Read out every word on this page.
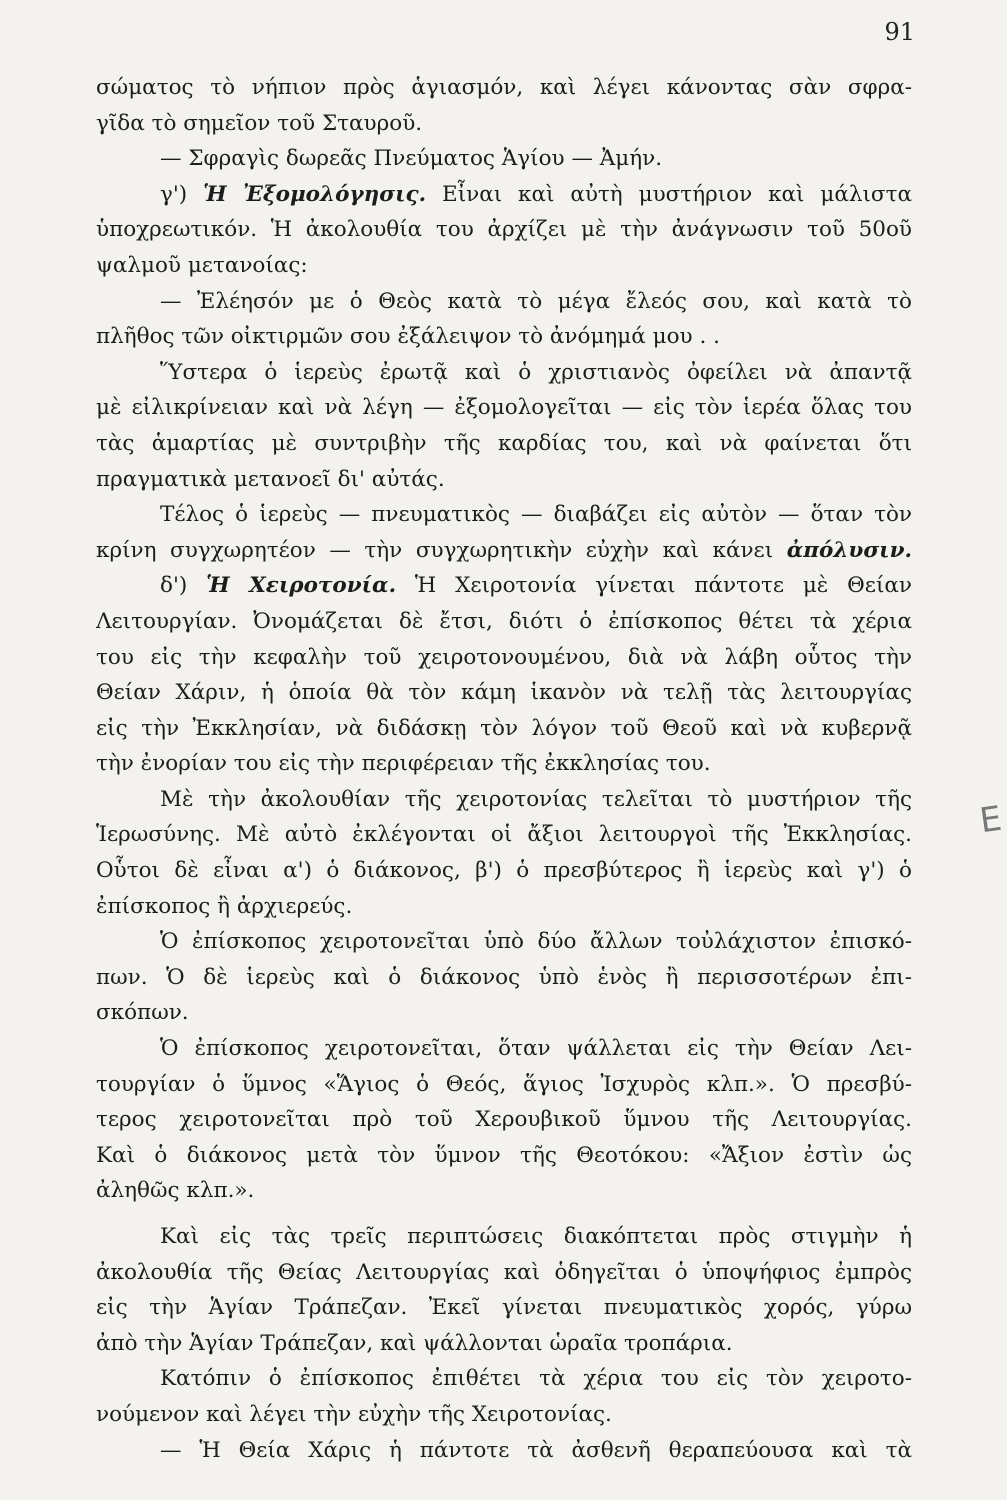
91
σώματος τὸ νήπιον πρὸς ἁγιασμόν, καὶ λέγει κάνοντας σὰν σφρα-
γῖδα τὸ σημεῖον τοῦ Σταυροῦ.
— Σφραγὶς δωρεᾶς Πνεύματος Ἁγίου — Ἀμήν.
γ') Ἡ Ἐξομολόγησις. Εἶναι καὶ αὐτὴ μυστήριον καὶ μάλιστα
ὑποχρεωτικόν. Ἡ ἀκολουθία του ἀρχίζει μὲ τὴν ἀνάγνωσιν τοῦ 50οῦ
ψαλμοῦ μετανοίας:
— Ἐλέησόν με ὁ Θεὸς κατὰ τὸ μέγα ἔλεός σου, καὶ κατὰ τὸ
πλῆθος τῶν οἰκτιρμῶν σου ἐξάλειψον τὸ ἀνόμημά μου . .
Ὕστερα ὁ ἱερεὺς ἐρωτᾷ καὶ ὁ χριστιανὸς ὀφείλει νὰ ἀπαντᾷ
μὲ εἰλικρίνειαν καὶ νὰ λέγη — ἐξομολογεῖται — εἰς τὸν ἱερέα ὅλας του
τὰς ἁμαρτίας μὲ συντριβὴν τῆς καρδίας του, καὶ νὰ φαίνεται ὅτι
πραγματικὰ μετανοεῖ δι' αὐτάς.
Τέλος ὁ ἱερεὺς — πνευματικὸς — διαβάζει εἰς αὐτὸν — ὅταν τὸν
κρίνη συγχωρητέον — τὴν συγχωρητικὴν εὐχὴν καὶ κάνει ἀπόλυσιν.
δ') Ἡ Χειροτονία. Ἡ Χειροτονία γίνεται πάντοτε μὲ Θείαν
Λειτουργίαν. Ὀνομάζεται δὲ ἔτσι, διότι ὁ ἐπίσκοπος θέτει τὰ χέρια
του εἰς τὴν κεφαλὴν τοῦ χειροτονουμένου, διὰ νὰ λάβη οὗτος τὴν
Θείαν Χάριν, ἡ ὁποία θὰ τὸν κάμη ἱκανὸν νὰ τελῇ τὰς λειτουργίας
εἰς τὴν Ἐκκλησίαν, νὰ διδάσκῃ τὸν λόγον τοῦ Θεοῦ καὶ νὰ κυβερνᾷ
τὴν ἐνορίαν του εἰς τὴν περιφέρειαν τῆς ἐκκλησίας του.
Μὲ τὴν ἀκολουθίαν τῆς χειροτονίας τελεῖται τὸ μυστήριον τῆς
Ἱερωσύνης. Μὲ αὐτὸ ἐκλέγονται οἱ ἄξιοι λειτουργοὶ τῆς Ἐκκλησίας.
Οὗτοι δὲ εἶναι α') ὁ διάκονος, β') ὁ πρεσβύτερος ἢ ἱερεὺς καὶ γ') ὁ
ἐπίσκοπος ἢ ἀρχιερεύς.
Ὁ ἐπίσκοπος χειροτονεῖται ὑπὸ δύο ἄλλων τοὐλάχιστον ἐπισκό-
πων. Ὁ δὲ ἱερεὺς καὶ ὁ διάκονος ὑπὸ ἑνὸς ἢ περισσοτέρων ἐπι-
σκόπων.
Ὁ ἐπίσκοπος χειροτονεῖται, ὅταν ψάλλεται εἰς τὴν Θείαν Λει-
τουργίαν ὁ ὕμνος «Ἅγιος ὁ Θεός, ἅγιος Ἰσχυρὸς κλπ.». Ὁ πρεσβύ-
τερος χειροτονεῖται πρὸ τοῦ Χερουβικοῦ ὕμνου τῆς Λειτουργίας.
Καὶ ὁ διάκονος μετὰ τὸν ὕμνον τῆς Θεοτόκου: «Ἄξιον ἐστὶν ὡς
ἀληθῶς κλπ.».
Καὶ εἰς τὰς τρεῖς περιπτώσεις διακόπτεται πρὸς στιγμὴν ἡ
ἀκολουθία τῆς Θείας Λειτουργίας καὶ ὁδηγεῖται ὁ ὑποψήφιος ἐμπρὸς
εἰς τὴν Ἁγίαν Τράπεζαν. Ἐκεῖ γίνεται πνευματικὸς χορός, γύρω
ἀπὸ τὴν Ἁγίαν Τράπεζαν, καὶ ψάλλονται ὡραῖα τροπάρια.
Κατόπιν ὁ ἐπίσκοπος ἐπιθέτει τὰ χέρια του εἰς τὸν χειροτο-
νούμενον καὶ λέγει τὴν εὐχὴν τῆς Χειροτονίας.
— Ἡ Θεία Χάρις ἡ πάντοτε τὰ ἀσθενῆ θεραπεύουσα καὶ τὰ
E
